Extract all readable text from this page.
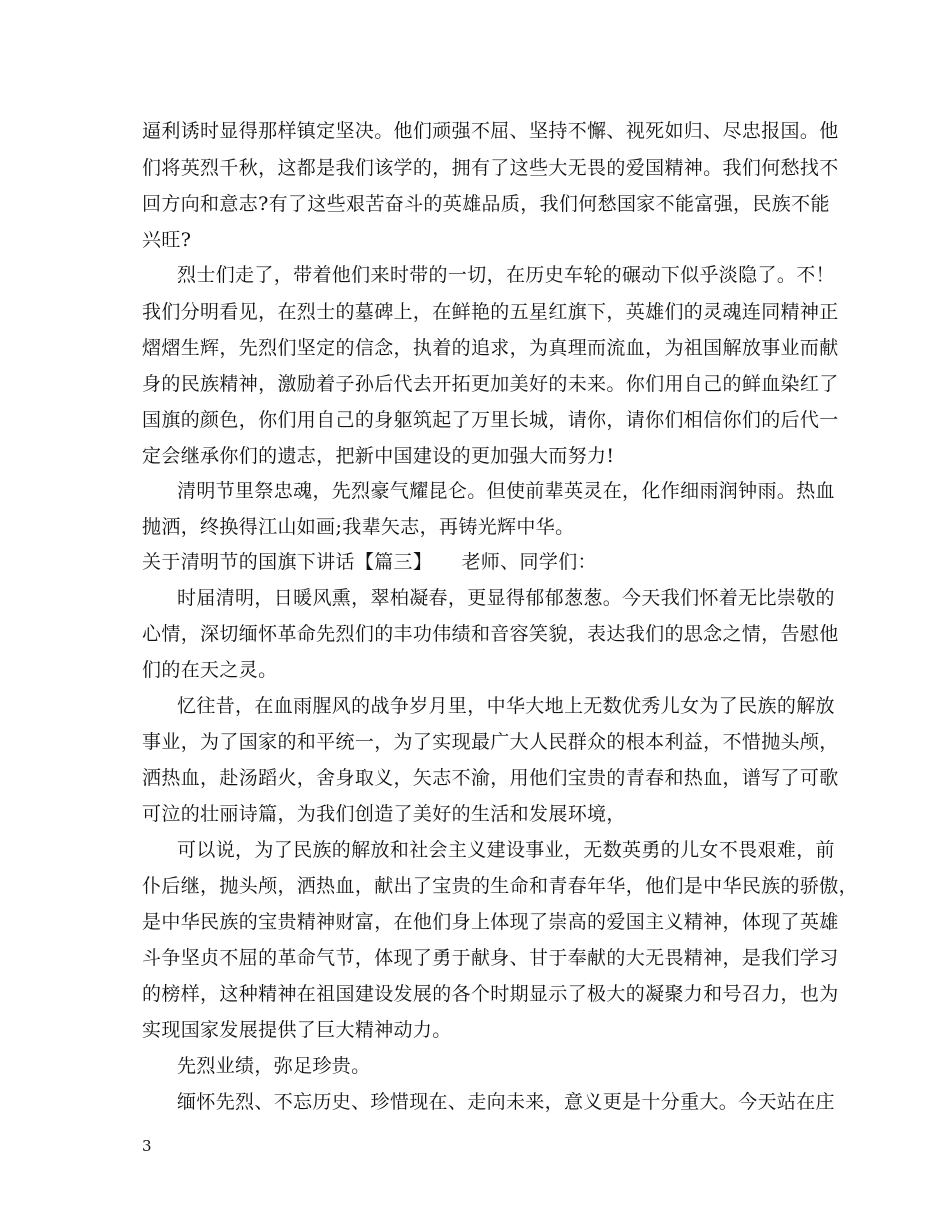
逼利诱时显得那样镇定坚决。他们顽强不屈、坚持不懈、视死如归、尽忠报国。他
们将英烈千秋，这都是我们该学的，拥有了这些大无畏的爱国精神。我们何愁找不
回方向和意志?有了这些艰苦奋斗的英雄品质，我们何愁国家不能富强，民族不能
兴旺?
烈士们走了，带着他们来时带的一切，在历史车轮的碾动下似乎淡隐了。不！
我们分明看见，在烈士的墓碑上，在鲜艳的五星红旗下，英雄们的灵魂连同精神正
熠熠生辉，先烈们坚定的信念，执着的追求，为真理而流血，为祖国解放事业而献
身的民族精神，激励着子孙后代去开拓更加美好的未来。你们用自己的鲜血染红了
国旗的颜色，你们用自己的身躯筑起了万里长城，请你，请你们相信你们的后代一
定会继承你们的遗志，把新中国建设的更加强大而努力!
清明节里祭忠魂，先烈豪气耀昆仑。但使前辈英灵在，化作细雨润钟雨。热血
抛洒，终换得江山如画;我辈矢志，再铸光辉中华。
关于清明节的国旗下讲话【篇三】　　老师、同学们：
时届清明，日暖风熏，翠柏凝春，更显得郁郁葱葱。今天我们怀着无比崇敬的
心情，深切缅怀革命先烈们的丰功伟绩和音容笑貌，表达我们的思念之情，告慰他
们的在天之灵。
忆往昔，在血雨腥风的战争岁月里，中华大地上无数优秀儿女为了民族的解放
事业，为了国家的和平统一，为了实现最广大人民群众的根本利益，不惜抛头颅，
洒热血，赴汤蹈火，舍身取义，矢志不渝，用他们宝贵的青春和热血，谱写了可歌
可泣的壮丽诗篇，为我们创造了美好的生活和发展环境，
可以说，为了民族的解放和社会主义建设事业，无数英勇的儿女不畏艰难，前
仆后继，抛头颅，洒热血，献出了宝贵的生命和青春年华，他们是中华民族的骄傲，
是中华民族的宝贵精神财富，在他们身上体现了崇高的爱国主义精神，体现了英雄
斗争坚贞不屈的革命气节，体现了勇于献身、甘于奉献的大无畏精神，是我们学习
的榜样，这种精神在祖国建设发展的各个时期显示了极大的凝聚力和号召力，也为
实现国家发展提供了巨大精神动力。
先烈业绩，弥足珍贵。
缅怀先烈、不忘历史、珍惜现在、走向未来，意义更是十分重大。今天站在庄
3
